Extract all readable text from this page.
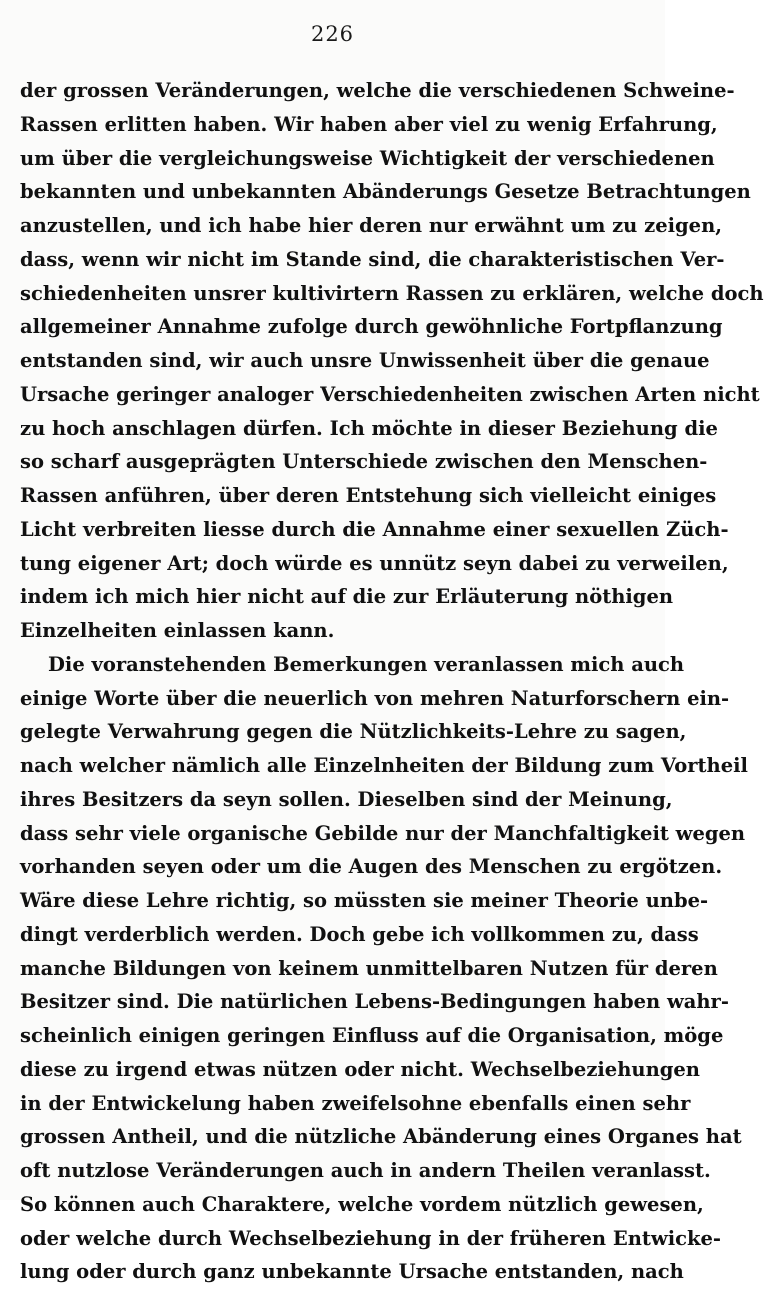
226
der grossen Veränderungen, welche die verschiedenen Schweine-
Rassen erlitten haben. Wir haben aber viel zu wenig Erfahrung,
um über die vergleichungsweise Wichtigkeit der verschiedenen
bekannten und unbekannten Abänderungs Gesetze Betrachtungen
anzustellen, und ich habe hier deren nur erwähnt um zu zeigen,
dass, wenn wir nicht im Stande sind, die charakteristischen Ver-
schiedenheiten unsrer kultivirtern Rassen zu erklären, welche doch
allgemeiner Annahme zufolge durch gewöhnliche Fortpflanzung
entstanden sind, wir auch unsre Unwissenheit über die genaue
Ursache geringer analoger Verschiedenheiten zwischen Arten nicht
zu hoch anschlagen dürfen. Ich möchte in dieser Beziehung die
so scharf ausgeprägten Unterschiede zwischen den Menschen-
Rassen anführen, über deren Entstehung sich vielleicht einiges
Licht verbreiten liesse durch die Annahme einer sexuellen Züch-
tung eigener Art; doch würde es unnütz seyn dabei zu verweilen,
indem ich mich hier nicht auf die zur Erläuterung nöthigen
Einzelheiten einlassen kann.
Die voranstehenden Bemerkungen veranlassen mich auch
einige Worte über die neuerlich von mehren Naturforschern ein-
gelegte Verwahrung gegen die Nützlichkeits-Lehre zu sagen,
nach welcher nämlich alle Einzelnheiten der Bildung zum Vortheil
ihres Besitzers da seyn sollen. Dieselben sind der Meinung,
dass sehr viele organische Gebilde nur der Manchfaltigkeit wegen
vorhanden seyen oder um die Augen des Menschen zu ergötzen.
Wäre diese Lehre richtig, so müssten sie meiner Theorie unbe-
dingt verderblich werden. Doch gebe ich vollkommen zu, dass
manche Bildungen von keinem unmittelbaren Nutzen für deren
Besitzer sind. Die natürlichen Lebens-Bedingungen haben wahr-
scheinlich einigen geringen Einfluss auf die Organisation, möge
diese zu irgend etwas nützen oder nicht. Wechselbeziehungen
in der Entwickelung haben zweifelsohne ebenfalls einen sehr
grossen Antheil, und die nützliche Abänderung eines Organes hat
oft nutzlose Veränderungen auch in andern Theilen veranlasst.
So können auch Charaktere, welche vordem nützlich gewesen,
oder welche durch Wechselbeziehung in der früheren Entwicke-
lung oder durch ganz unbekannte Ursache entstanden, nach
